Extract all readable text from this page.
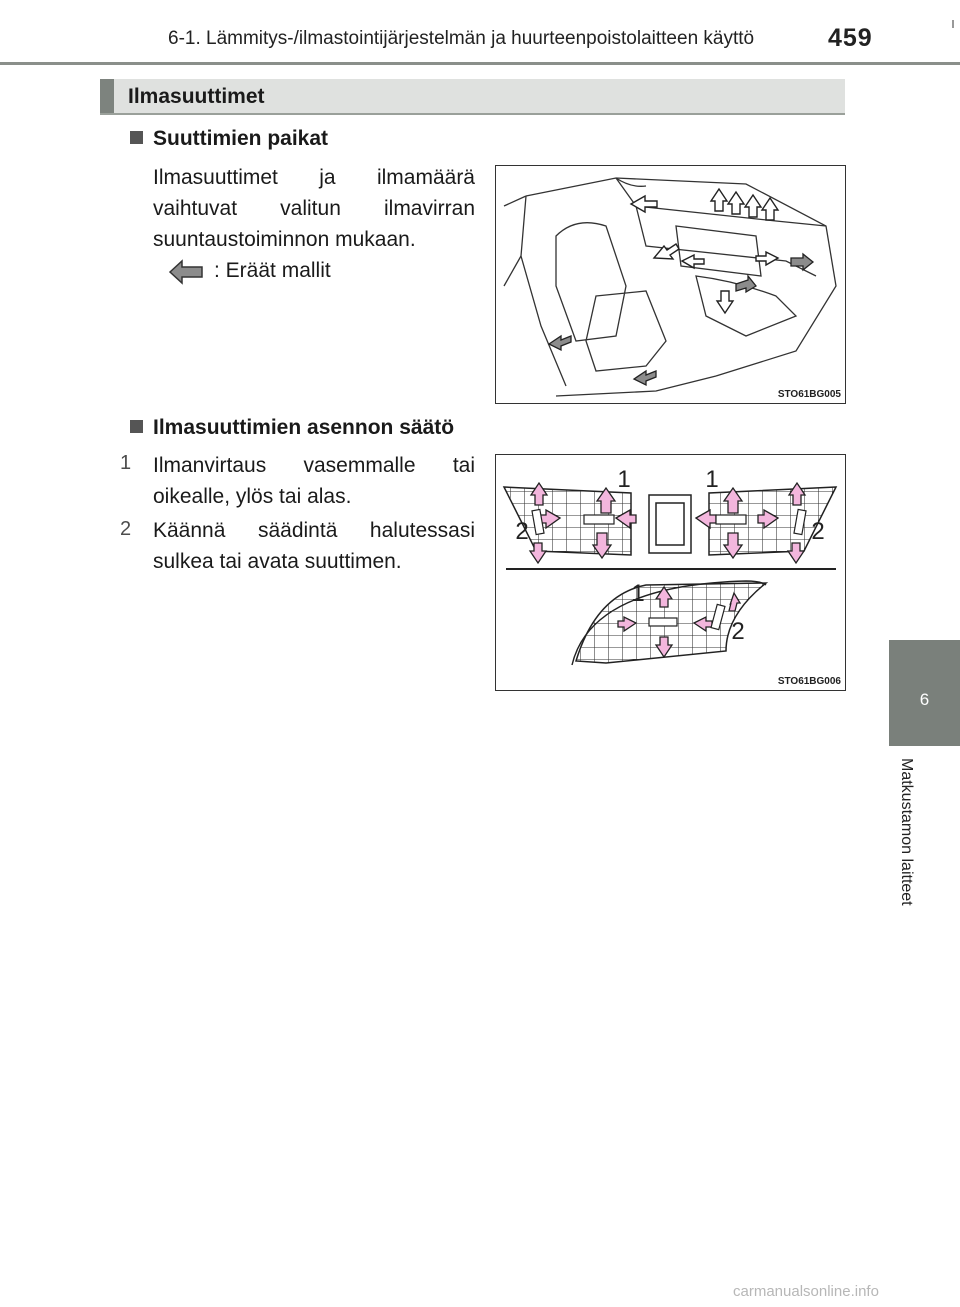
6-1. Lämmitys-/ilmastointijärjestelmän ja huurteenpoistolaitteen käyttö	459
Ilmasuuttimet
Suuttimien paikat
Ilmasuuttimet ja ilmamäärä vaihtuvat valitun ilmavirran suuntaustoiminnon mukaan.
: Eräät mallit
STO61BG005
Ilmasuuttimien asennon säätö
1	Ilmanvirtaus vasemmalle tai oikealle, ylös tai alas.
2	Käännä säädintä halutessasi sulkea tai avata suuttimen.
1	1
2	2
1
2
STO61BG006
6
Matkustamon laitteet
carmanualsonline.info
